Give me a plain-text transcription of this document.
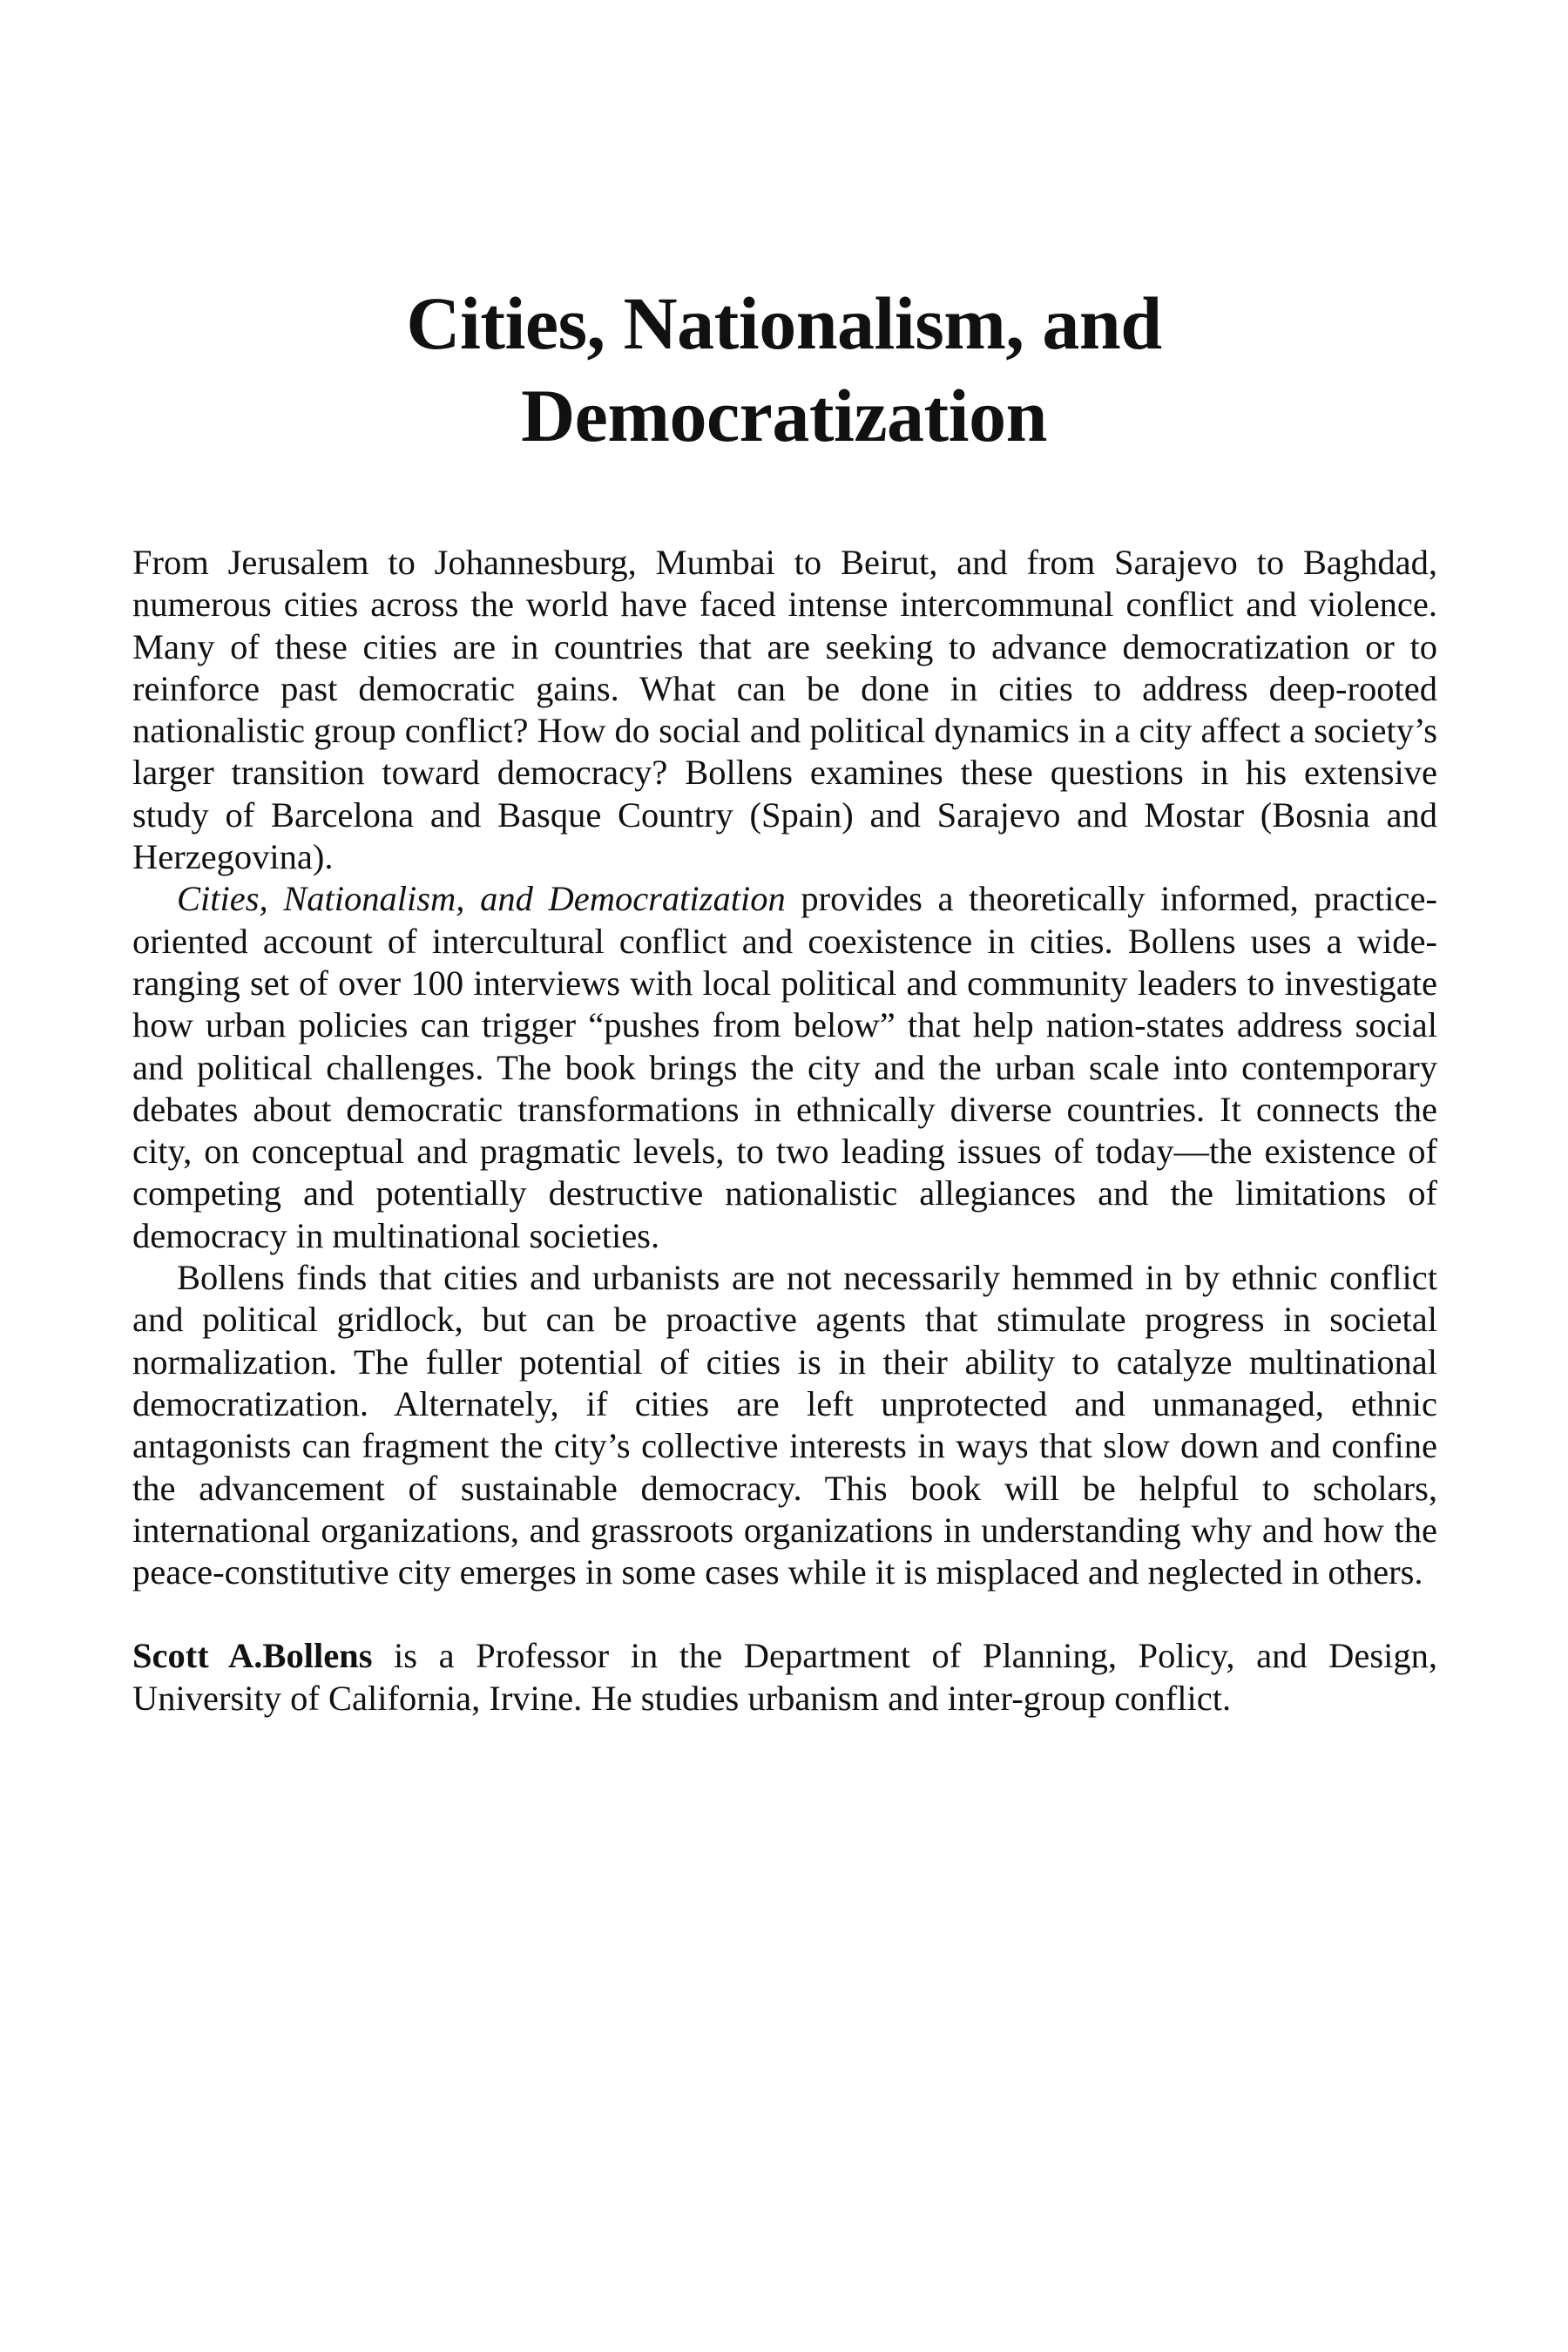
Cities, Nationalism, and
Democratization

From Jerusalem to Johannesburg, Mumbai to Beirut, and from Sarajevo to Baghdad, numerous cities across the world have faced intense intercommunal conflict and violence. Many of these cities are in countries that are seeking to advance democratization or to reinforce past democratic gains. What can be done in cities to address deep-rooted nationalistic group conflict? How do social and political dynamics in a city affect a society’s larger transition toward democracy? Bollens examines these questions in his extensive study of Barcelona and Basque Country (Spain) and Sarajevo and Mostar (Bosnia and Herzegovina).

Cities, Nationalism, and Democratization provides a theoretically informed, practice-oriented account of intercultural conflict and coexistence in cities. Bollens uses a wide-ranging set of over 100 interviews with local political and community leaders to investigate how urban policies can trigger “pushes from below” that help nation-states address social and political challenges. The book brings the city and the urban scale into contemporary debates about democratic transformations in ethnically diverse countries. It connects the city, on conceptual and pragmatic levels, to two leading issues of today—the existence of competing and potentially destructive nationalistic allegiances and the limitations of democracy in multinational societies.

Bollens finds that cities and urbanists are not necessarily hemmed in by ethnic conflict and political gridlock, but can be proactive agents that stimulate progress in societal normalization. The fuller potential of cities is in their ability to catalyze multinational democratization. Alternately, if cities are left unprotected and unmanaged, ethnic antagonists can fragment the city’s collective interests in ways that slow down and confine the advancement of sustainable democracy. This book will be helpful to scholars, international organizations, and grassroots organizations in understanding why and how the peace-constitutive city emerges in some cases while it is misplaced and neglected in others.

Scott A.Bollens is a Professor in the Department of Planning, Policy, and Design, University of California, Irvine. He studies urbanism and inter-group conflict.
